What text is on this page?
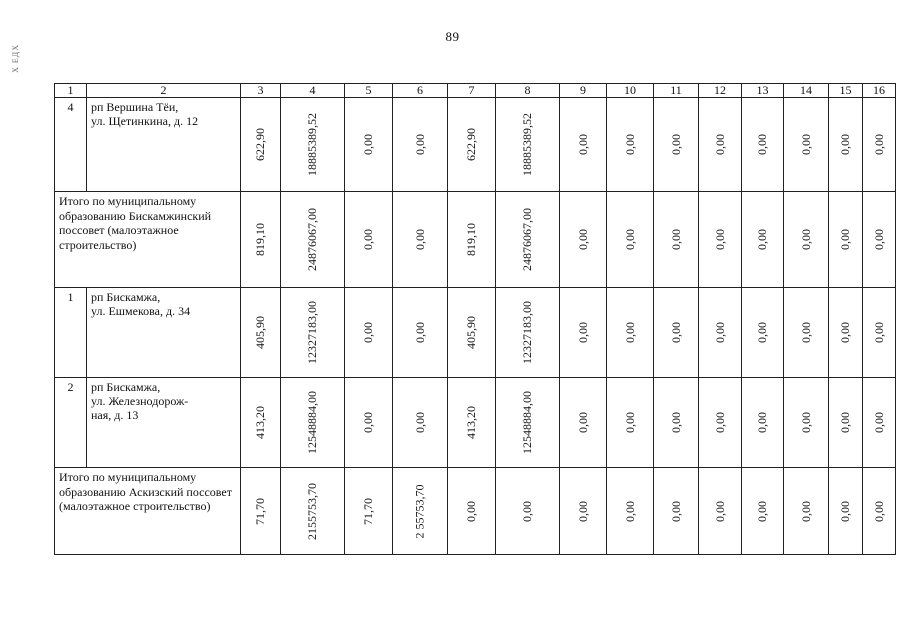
89
Х ЕДХ
1	2	3	4	5	6	7	8	9	10	11	12	13	14	15	16
4	рп Вершина Тёи,
ул. Щетинкина, д. 12	622,90	18885389,52	0,00	0,00	622,90	18885389,52	0,00	0,00	0,00	0,00	0,00	0,00	0,00	0,00

Итого по муниципальному образованию Бискамжинский поссовет (малоэтажное строительство)		819,10	24876067,00	0,00	0,00	819,10	24876067,00	0,00	0,00	0,00	0,00	0,00	0,00	0,00	0,00

1	рп Бискамжа,
ул. Ешмекова, д. 34	405,90	12327183,00	0,00	0,00	405,90	12327183,00	0,00	0,00	0,00	0,00	0,00	0,00	0,00	0,00

2	рп Бискамжа,
ул. Железнодорож-
ная, д. 13	413,20	12548884,00	0,00	0,00	413,20	12548884,00	0,00	0,00	0,00	0,00	0,00	0,00	0,00	0,00

Итого по муниципальному образованию Аскизский поссовет (малоэтажное строительство)		71,70	2155753,70	71,70	2 55753,70	0,00	0,00	0,00	0,00	0,00	0,00	0,00	0,00	0,00	0,00
